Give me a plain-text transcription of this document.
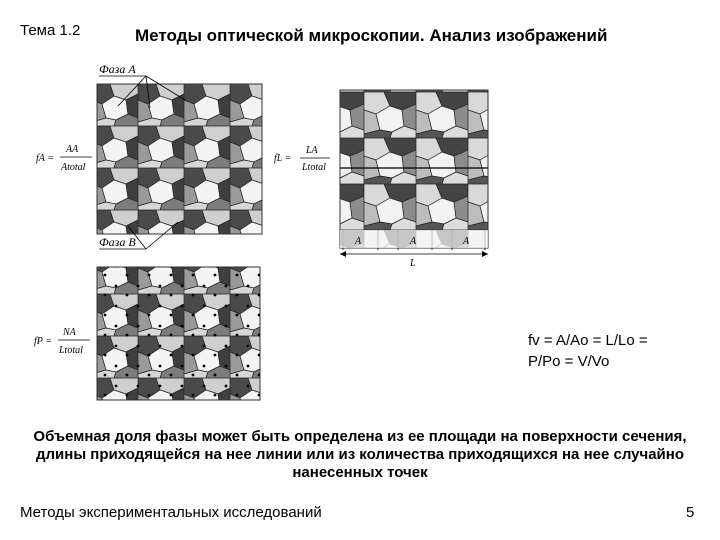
Тема 1.2	Методы оптической микроскопии. Анализ изображений
Фаза A
Фаза B
fA =
AA
Atotal
A	A	A
L
fL =
LA
Ltotal
fP =
NA
Ltotal
fv = A/Ao = L/Lo =
P/Po = V/Vo
Объемная доля фазы может быть определена из ее площади на поверхности сечения, длины приходящейся на нее линии или из количества приходящихся на нее случайно нанесенных точек
Методы экспериментальных исследований	5
